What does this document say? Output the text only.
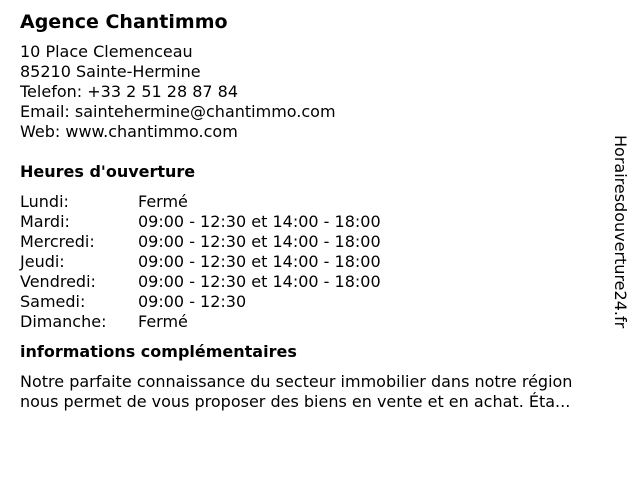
Agence Chantimmo
10 Place Clemenceau
85210 Sainte-Hermine
Telefon: +33 2 51 28 87 84
Email: saintehermine@chantimmo.com
Web: www.chantimmo.com
Heures d'ouverture
Lundi:	Fermé
Mardi:	09:00 - 12:30 et 14:00 - 18:00
Mercredi:	09:00 - 12:30 et 14:00 - 18:00
Jeudi:	09:00 - 12:30 et 14:00 - 18:00
Vendredi:	09:00 - 12:30 et 14:00 - 18:00
Samedi:	09:00 - 12:30
Dimanche:	Fermé
informations complémentaires
Notre parfaite connaissance du secteur immobilier dans notre région
nous permet de vous proposer des biens en vente et en achat. Éta...
Horairesdouverture24.fr
